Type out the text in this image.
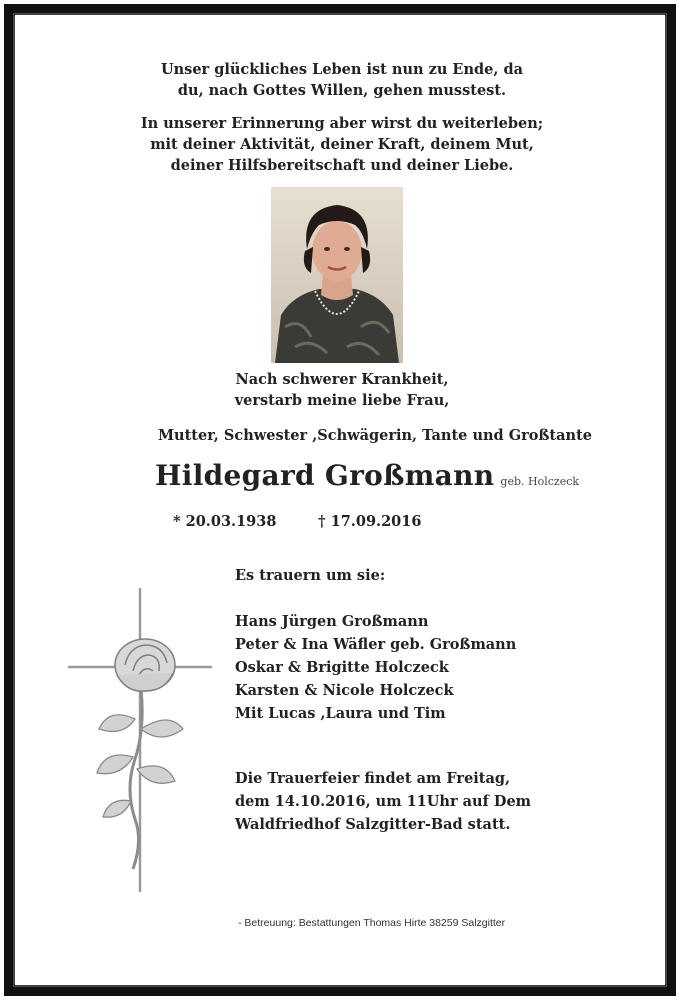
Unser glückliches Leben ist nun zu Ende, da

du, nach Gottes Willen, gehen musstest.

In unserer Erinnerung aber wirst du weiterleben;

mit deiner Aktivität, deiner Kraft, deinem Mut,

deiner Hilfsbereitschaft und deiner Liebe.

Nach schwerer Krankheit,

verstarb meine liebe Frau,

Mutter, Schwester ,Schwägerin, Tante und Großtante
Hildegard Großmann geb. Holczeck
* 20.03.1938	† 17.09.2016

Es trauern um sie:

Hans Jürgen Großmann
Peter & Ina Wäfler geb. Großmann
Oskar & Brigitte Holczeck
Karsten & Nicole Holczeck
Mit Lucas ,Laura und Tim

Die Trauerfeier findet am Freitag,

dem 14.10.2016, um 11Uhr auf Dem

Waldfriedhof Salzgitter-Bad statt.

- Betreuung: Bestattungen Thomas Hirte 38259 Salzgitter
